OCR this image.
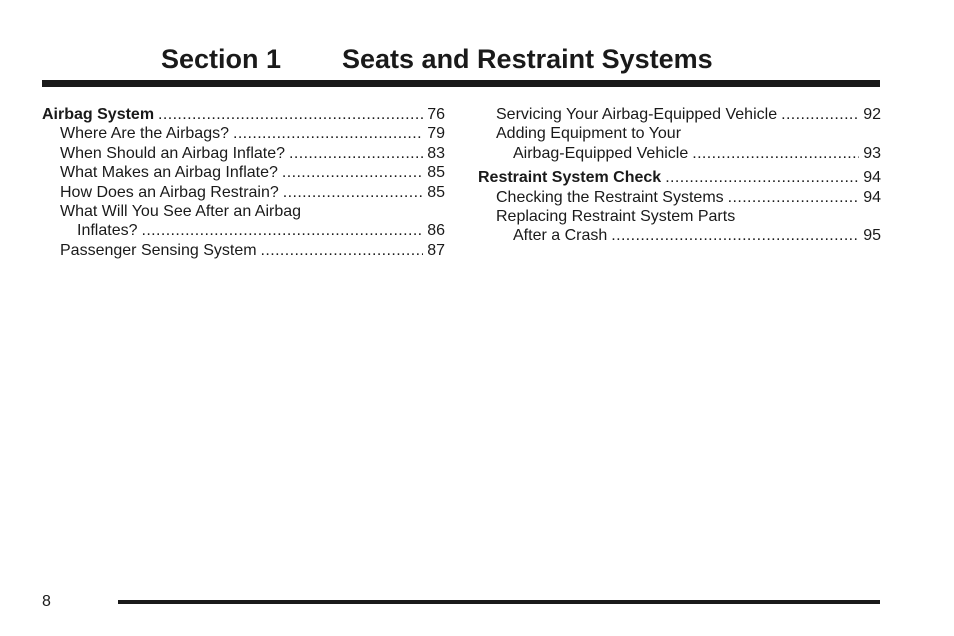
Section 1 Seats and Restraint Systems
Airbag System .....	76
Where Are the Airbags? .....	79
When Should an Airbag Inflate? .....	83
What Makes an Airbag Inflate? .....	85
How Does an Airbag Restrain? .....	85
What Will You See After an Airbag
Inflates? .....	86
Passenger Sensing System .....	87
Servicing Your Airbag-Equipped Vehicle .....	92
Adding Equipment to Your
Airbag-Equipped Vehicle .....	93
Restraint System Check .....	94
Checking the Restraint Systems .....	94
Replacing Restraint System Parts
After a Crash .....	95
8
